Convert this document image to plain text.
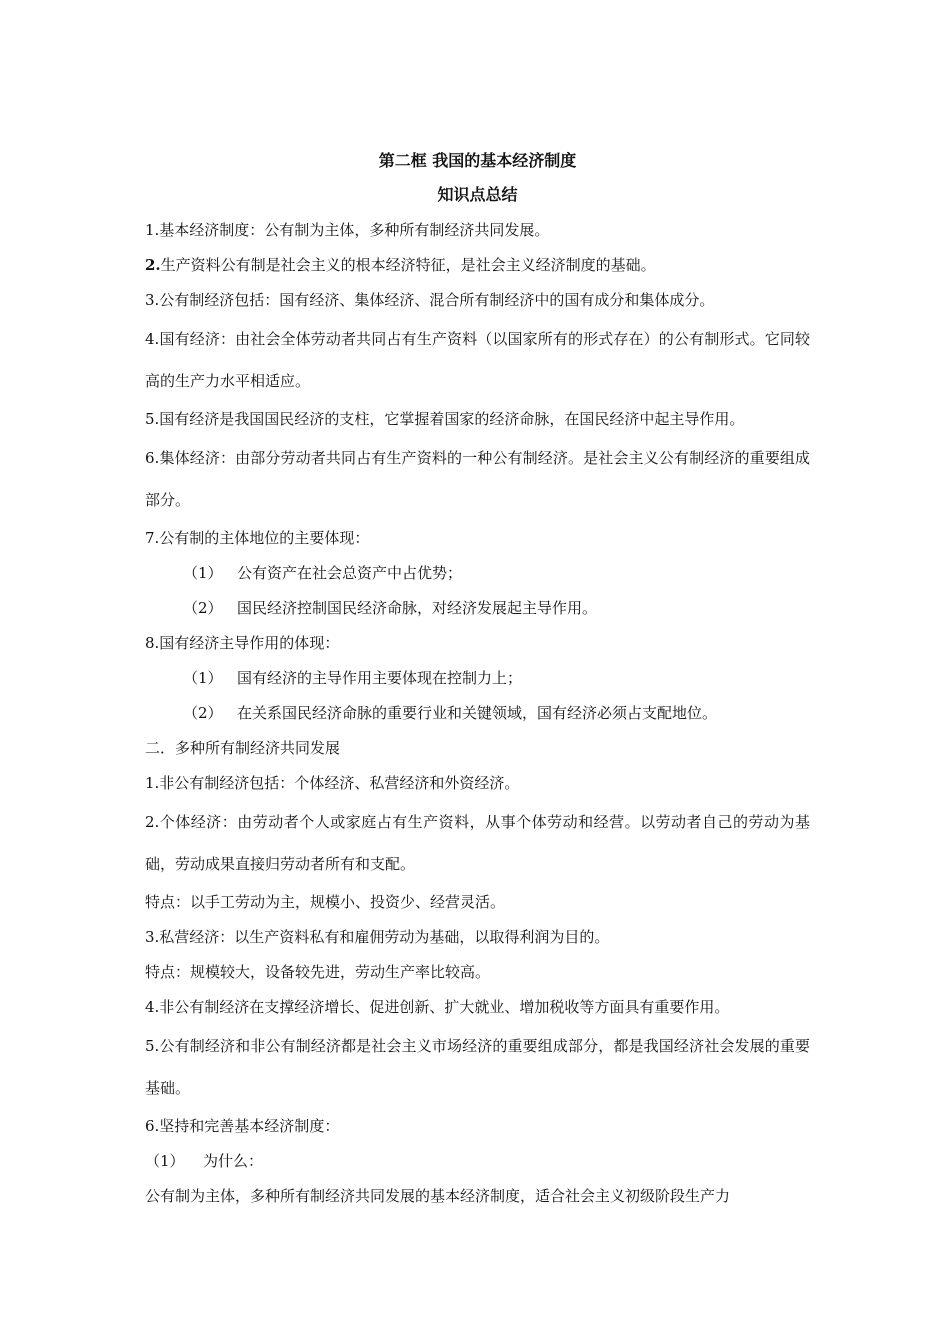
第二框 我国的基本经济制度

知识点总结

1.基本经济制度：公有制为主体，多种所有制经济共同发展。

2.生产资料公有制是社会主义的根本经济特征，是社会主义经济制度的基础。

3.公有制经济包括：国有经济、集体经济、混合所有制经济中的国有成分和集体成分。

4.国有经济：由社会全体劳动者共同占有生产资料（以国家所有的形式存在）的公有制形式。它同较高的生产力水平相适应。

5.国有经济是我国国民经济的支柱，它掌握着国家的经济命脉，在国民经济中起主导作用。

6.集体经济：由部分劳动者共同占有生产资料的一种公有制经济。是社会主义公有制经济的重要组成部分。

7.公有制的主体地位的主要体现：

（1） 公有资产在社会总资产中占优势；

（2） 国民经济控制国民经济命脉，对经济发展起主导作用。

8.国有经济主导作用的体现：

（1） 国有经济的主导作用主要体现在控制力上；

（2） 在关系国民经济命脉的重要行业和关键领域，国有经济必须占支配地位。

二．多种所有制经济共同发展

1.非公有制经济包括：个体经济、私营经济和外资经济。

2.个体经济：由劳动者个人或家庭占有生产资料，从事个体劳动和经营。以劳动者自己的劳动为基础，劳动成果直接归劳动者所有和支配。

特点：以手工劳动为主，规模小、投资少、经营灵活。

3.私营经济：以生产资料私有和雇佣劳动为基础，以取得利润为目的。

特点：规模较大，设备较先进，劳动生产率比较高。

4.非公有制经济在支撑经济增长、促进创新、扩大就业、增加税收等方面具有重要作用。

5.公有制经济和非公有制经济都是社会主义市场经济的重要组成部分，都是我国经济社会发展的重要基础。

6.坚持和完善基本经济制度：

（1） 为什么：

公有制为主体，多种所有制经济共同发展的基本经济制度，适合社会主义初级阶段生产力
